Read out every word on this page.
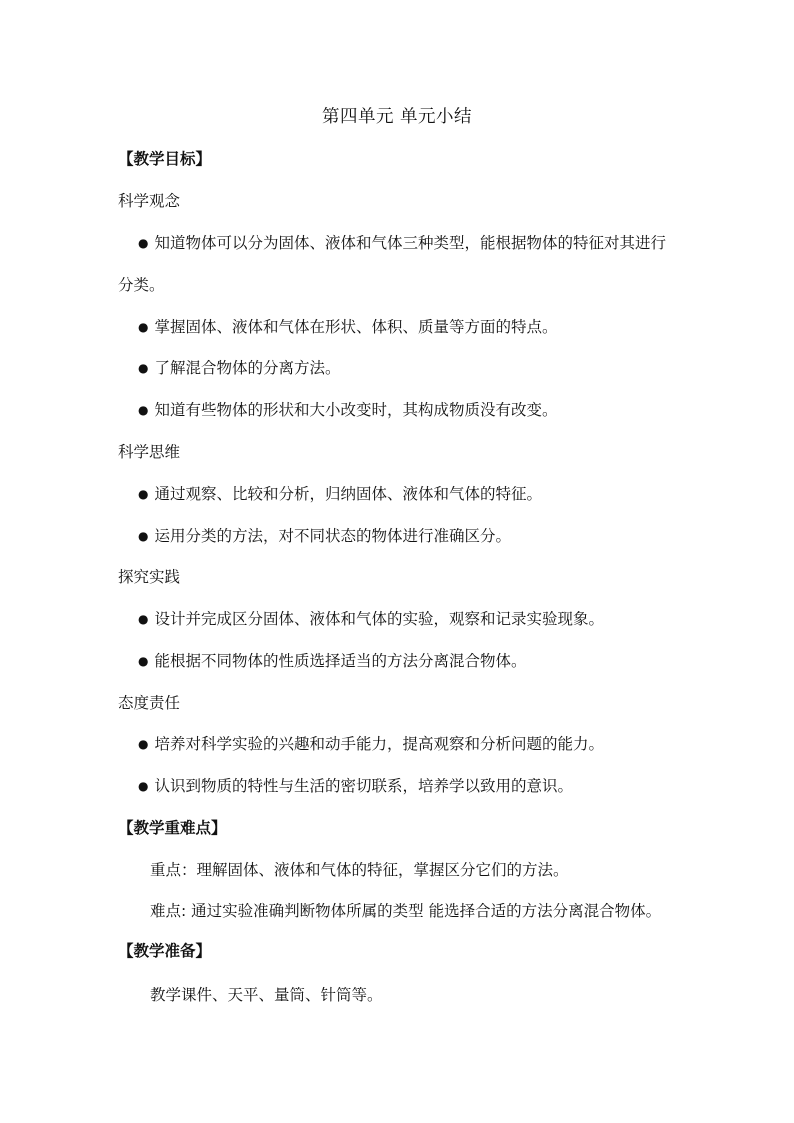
第四单元 单元小结
【教学目标】
科学观念
● 知道物体可以分为固体、液体和气体三种类型，能根据物体的特征对其进行
分类。
● 掌握固体、液体和气体在形状、体积、质量等方面的特点。
● 了解混合物体的分离方法。
● 知道有些物体的形状和大小改变时，其构成物质没有改变。
科学思维
● 通过观察、比较和分析，归纳固体、液体和气体的特征。
● 运用分类的方法，对不同状态的物体进行准确区分。
探究实践
● 设计并完成区分固体、液体和气体的实验，观察和记录实验现象。
● 能根据不同物体的性质选择适当的方法分离混合物体。
态度责任
● 培养对科学实验的兴趣和动手能力，提高观察和分析问题的能力。
● 认识到物质的特性与生活的密切联系，培养学以致用的意识。
【教学重难点】
重点：理解固体、液体和气体的特征，掌握区分它们的方法。
难点: 通过实验准确判断物体所属的类型 能选择合适的方法分离混合物体。
【教学准备】
教学课件、天平、量筒、针筒等。
